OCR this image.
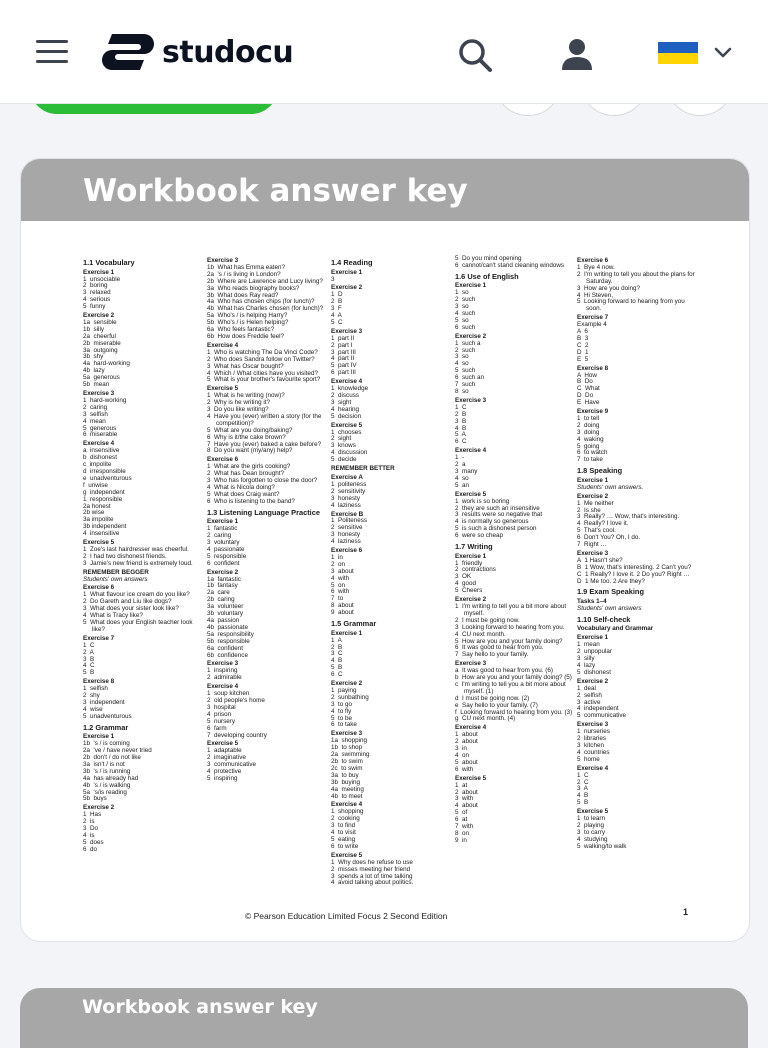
studocu
Workbook answer key
1.1 Vocabulary
Exercise 1
1  unsociable
2  boring
3  relaxed
4  serious
5  funny
Exercise 2
1a  sensible
1b  silly
2a  cheerful
2b  miserable
3a  outgoing
3b  shy
4a  hard-working
4b  lazy
5a  generous
5b  mean
Exercise 3
1  hard-working
2  caring
3  selfish
4  mean
5  generous
6  miserable
Exercise 4
a  insensitive
b  dishonest
c  impolite
d  irresponsible
e  unadventurous
f  unwise
g  independent
1  responsible
2a honest
2b wise
3a impolite
3b independent
4  insensitive
Exercise 5
1  Zoe's last hairdresser was cheerful.
2  I had two dishonest friends.
3  Jamie's new friend is extremely loud.
REMEMBER BEGGER
Students' own answers
Exercise 6
1  What flavour ice cream do you like?
2  Do Gareth and Liu like dogs?
3  What does your sister look like?
4  What is Tracy like?
5  What does your English teacher look like?
Exercise 7
1  C
2  A
3  B
4  C
5  B
Exercise 8
1  selfish
2  shy
3  independent
4  wise
5  unadventurous
1.2 Grammar
Exercise 1
1b  's / is coming
2a  've / have never tried
2b  don't / do not like
3a  isn't / is not
3b  's / is running
4a  has already had
4b  's / is walking
5a  's/is reading
5b  buys
Exercise 2
1  Has
2  is
3  Do
4  is
5  does
6  do
Exercise 3
1b  What has Emma eaten?
2a  's / is living in London?
2b  Where are Lawrence and Lucy living?
3a  Who reads biography books?
3b  What does Ray read?
4a  Who has chosen chips (for lunch)?
4b  What has Charles chosen (for lunch)?
5a  Who's / is helping Harry?
5b  Who's / is Helen helping?
6a  Who feels fantastic?
6b  How does Freddie feel?
Exercise 4
1  Who is watching The Da Vinci Code?
2  Who does Sandra follow on Twitter?
3  What has Oscar bought?
4  Which / What cities have you visited?
5  What is your brother's favourite sport?
Exercise 5
1  What is he writing (now)?
2  Why is he writing it?
3  Do you like writing?
4  Have you (ever) written a story (for the competition)?
5  What are you doing/baking?
6  Why is it/the cake brown?
7  Have you (ever) baked a cake before?
8  Do you want (my/any) help?
Exercise 6
1  What are the girls cooking?
2  What has Dean brought?
3  Who has forgotten to close the door?
4  What is Nicola doing?
5  What does Craig want?
6  Who is listening to the band?
1.3 Listening Language Practice
Exercise 1
1  fantastic
2  caring
3  voluntary
4  passionate
5  responsible
6  confident
Exercise 2
1a  fantastic
1b  fantasy
2a  care
2b  caring
3a  volunteer
3b  voluntary
4a  passion
4b  passionate
5a  responsibility
5b  responsible
6a  confident
6b  confidence
Exercise 3
1  inspiring
2  admirable
Exercise 4
1  soup kitchen
2  old people's home
3  hospital
4  prison
5  nursery
6  farm
7  developing country
Exercise 5
1  adaptable
2  imaginative
3  communicative
4  protective
5  inspiring
1.4 Reading
Exercise 1
3
Exercise 2
1  D
2  B
3  F
4  A
5  C
Exercise 3
1  part II
2  part I
3  part III
4  part II
5  part IV
6  part III
Exercise 4
1  knowledge
2  discuss
3  sight
4  hearing
5  decision
Exercise 5
1  chooses
2  sight
3  knows
4  discussion
5  decide
REMEMBER BETTER
Exercise A
1  politeness
2  sensitivity
3  honesty
4  laziness
Exercise B
1  Politeness
2  sensitive
3  honesty
4  laziness
Exercise 6
1  in
2  on
3  about
4  with
5  on
6  with
7  to
8  about
9  about
1.5 Grammar
Exercise 1
1  A
2  B
3  C
4  B
5  B
6  C
Exercise 2
1  paying
2  sunbathing
3  to go
4  to fly
5  to be
6  to take
Exercise 3
1a  shopping
1b  to shop
2a  swimming
2b  to swim
2c  to swim
3a  to buy
3b  buying
4a  meeting
4b  to meet
Exercise 4
1  shopping
2  cooking
3  to find
4  to visit
5  eating
6  to write
Exercise 5
1  Why does he refuse to use
2  misses meeting her friend
3  spends a lot of time talking
4  avoid talking about politics.
5  Do you mind opening
6  cannot/can't stand cleaning windows
1.6 Use of English
Exercise 1
1  so
2  such
3  so
4  such
5  so
6  such
Exercise 2
1  such a
2  such
3  so
4  so
5  such
6  such an
7  such
8  so
Exercise 3
1  C
2  B
3  B
4  B
5  A
6  C
Exercise 4
1  -
2  a
3  many
4  so
5  an
Exercise 5
1  work is so boring
2  they are such an insensitive
3  results were so negative that
4  is normally so generous
5  is such a dishonest person
6  were so cheap
1.7 Writing
Exercise 1
1  friendly
2  contractions
3  OK
4  good
5  Cheers
Exercise 2
1  I'm writing to tell you a bit more about myself.
2  I must be going now.
3  Looking forward to hearing from you.
4  CU next month.
5  How are you and your family doing?
6  It was good to hear from you.
7  Say hello to your family.
Exercise 3
a  It was good to hear from you. (6)
b  How are you and your family doing? (5)
c  I'm writing to tell you a bit more about myself. (1)
d  I must be going now. (2)
e  Say hello to your family. (7)
f  Looking forward to hearing from you. (3)
g  CU next month. (4)
Exercise 4
1  about
2  about
3  in
4  on
5  about
6  with
Exercise 5
1  at
2  about
3  with
4  about
5  of
6  at
7  with
8  on
9  in
Exercise 6
1  Bye 4 now.
2  I'm writing to tell you about the plans for Saturday.
3  How are you doing?
4  Hi Steven,
5  Looking forward to hearing from you soon.
Exercise 7
Example 4
A  6
B  3
C  2
D  1
E  5
Exercise 8
A  How
B  Do
C  What
D  Do
E  Have
Exercise 9
1  to tell
2  doing
3  doing
4  waking
5  going
6  to watch
7  to take
1.8 Speaking
Exercise 1
Students' own answers.
Exercise 2
1  Me neither
2  Is she
3  Really? … Wow, that's interesting.
4  Really? I love it.
5  That's cool.
6  Don't You? Oh, I do.
7  Right …
Exercise 3
A  1 Hasn't she?
B  1 Wow, that's interesting. 2 Can't you?
C  1 Really? I love it. 2 Do you? Right …
D  1 Me too. 2 Are they?
1.9 Exam Speaking
Tasks 1–4
Students' own answers
1.10 Self-check
Vocabulary and Grammar
Exercise 1
1  mean
2  unpopular
3  silly
4  lazy
5  dishonest
Exercise 2
1  deal
2  selfish
3  active
4  independent
5  communicative
Exercise 3
1  nurseries
2  libraries
3  kitchen
4  countries
5  home
Exercise 4
1  C
2  C
3  A
4  B
5  B
Exercise 5
1  to learn
2  playing
3  to carry
4  studying
5  walking/to walk
© Pearson Education Limited Focus 2 Second Edition	1
Workbook answer key
